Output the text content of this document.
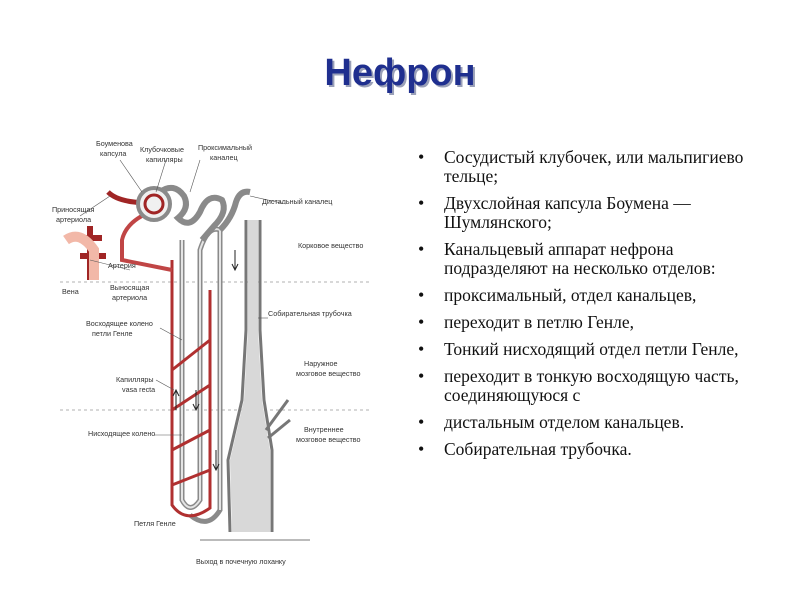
Нефрон
Боуменова
капсула Клубочковые
капилляры
Проксимальный
каналец
Приносящая
артериола
Дистальный каналец
Корковое вещество
Артерия
Вена	Выносящая
артериола
Собирательная трубочка
Восходящее колено
петли Генле
Наружное
мозговое вещество
Капилляры
vasa recta
Нисходящее колено	Внутреннее
мозговое вещество
Петля Генле
Выход в почечную лоханку
• Сосудистый клубочек, или мальпигиево тельце;
• Двухслойная капсула Боумена —Шумлянского;
• Канальцевый аппарат нефрона подразделяют на несколько отделов:
• проксимальный, отдел канальцев,
• переходит в петлю Генле,
• Тонкий нисходящий отдел петли Генле,
• переходит в тонкую восходящую часть, соединяющуюся с
• дистальным отделом канальцев.
• Собирательная трубочка.
